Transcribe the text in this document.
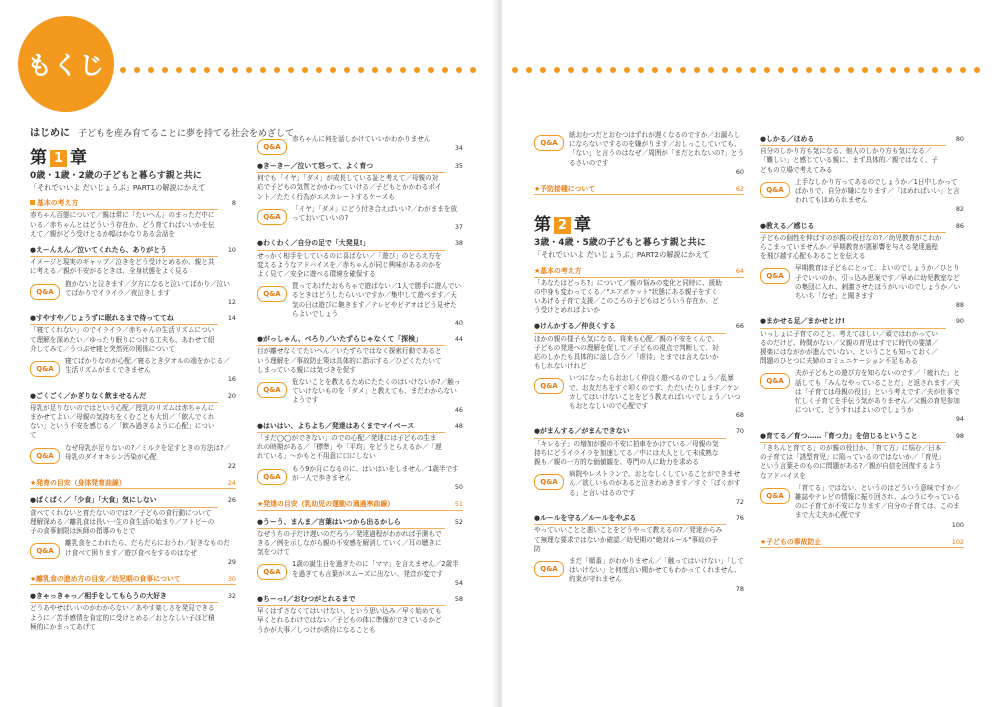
もくじ
はじめに 子どもを産み育てることに夢を持てる社会をめざして
第 1 章
0歳・1歳・2歳の子どもと暮らす親と共に
「それでいいよ だいじょうぶ」PART1の解説にかえて
基本の考え方	8
赤ちゃん百態について／親は常に「たいへん」のまっただ中にいる／赤ちゃんとはどういう存在か、どう育てればいいかを伝えて／親がどう受けとるか幅はかなりある会話を
●えーんえん／泣いてくれたら、ありがとう	10
イメージと現実のギャップ／泣きをどう受けとめるか、親と共に考える／親が不安がるときは、全身状態をよく見る
Q&A
抱かないと泣きます／夕方になると泣いてばかり／泣いてばかりでイライラ／夜泣きします
12
●すやすや／じょうずに眠れるまで待っててね	14
「寝てくれない」のでイライラ／赤ちゃんの生活リズムについて理解を深めたい／ゆったり眠りにつける工夫も、あわせて紹介してみて／うつぶせ寝と突然死の関係について
Q&A
寝てばかりなのが心配／寝るとき夕オルの端をかじる／生活リズムがまくできません
16
●ごくごく／かぎりなく飲ませるんだ	20
母乳が足りないのではという心配／授乳のリズムは赤ちゃんにまかせてよい／母親の気持ちをくむことも大切／「飲んでくれない」という不安を感じる／「飲み過ぎるように心配」について
Q&A
なぜ母乳が足りないの?／ミルクを足すときの方法は?／母乳のダイオキシン汚染が心配
22
★発育の目安（身体発育曲線）	24
●ぱくぱく／「少食」「大食」気にしない	26
食べてくれないと育たないのでは?／子どもの食行動について理解深める／離乳食は長い一生の食生活の始まり／アトピーの子の食事制限は医師の指導のもとで
Q&A
離乳食をこわれたら、だらだらにおうわ／好きなものだけ食べて困ります／遊び食べをするのはなぜ
29
★離乳食の進め方の目安／幼児期の食事について	30
●きゃっきゃっ／相手をしてもらうの大好き	32
どうあやせばいいのかわからない／あやす楽しさを発見できるように／苦手感情を肯定的に受けとめる／おとなしい子ほど積極的にかまってあげて
Q&A
赤ちゃんに何を話しかけていいかわかりません
34
●きーきー／泣いて怒って、よく育つ	35
何でも「イヤ」「ダメ」が成長している証と考えて／母親の対応で子どもの気質とかかわっていける／子どもとかかわるポイント／たたく行為がエスカレートするケースも
Q&A
「イヤ」「ダメ」にどう付き合えばいい?／わがままを放っておいていいの?
37
●わくわく／自分の足で「大発見!」	38
せっかく相手をしているのに喜ばない／「遊び」のとらえ方を変えるようなアドバイスを／赤ちゃんが同じ興味があるのかをよく見て／安全に遊べる環境を確保する
Q&A
買ってあげたおもちゃで遊ばない／1人で勝手に遊んでいるときはどうしたらいいですか／集中して遊べます／天気の日は遊びに飽きます／テレビやビデオはどう見せたらよいでしょう
40
●がっしゃん、べろり／いたずらじゃなくて「探検」	44
目が離せなくてたいへん／いたずらではなく探索行動であるという理解を／事故防止策は具体的に指示する／ひどくたたいてしまっている親には気づきを促す
Q&A
危ないことを教えるためにたたくのはいけないか?／触っていけないものを「ダメ」と教えても、まだわからないようです
46
●はいはい、よちよち／発達はあくまでマイペース	48
「まだ◯◯ができない」のでの心配／発達には子どもの生まれの時期がある／「標準」や「平均」をどうとらえるか／「遅れている」～かもと不用意に口にしない
Q&A
もう9か月になるのに、はいはいをしません／1歳半ですが一人で歩きません
50
★発達の目安（乳幼児の運動の通過率曲線）	51
●うーう、まんま／言葉はいつから出るかしら	52
なぜうちの子だけ遅いのだろう／発達過程がわかれば予測もできる／例を示しながら親の不安感を解消していく／耳の聴きに気をつけて
Q&A
1歳の誕生日を過ぎたのに「ママ」を言えません／2歳半を過ぎても言葉がスムーズに出ない、発音が変です
54
●ちーっ!／おむつがとれるまで	58
早くはずさなくてはいけない、という思い込み／早く始めても早くとれるわけではない／子どもの体に準備ができているかどうかが大事／しつけが虐待になることも
Q&A
紙おむつだとおむつはずれが遅くなるのですか／お漏らしにならないでするのを嫌がります／おしっこしていても、「ない」と言うのはなぜ／周囲が「まだとれないの?」とうるさいのです
60
★予防接種について	62
第 2 章
3歳・4歳・5歳の子どもと暮らす親と共に
「それでいいよ だいじょうぶ」PART2の解説にかえて
★基本の考え方	64
「あなたはどっち?」について／親の悩みの変化と同時に、援助の中身も変わってくる／"エアポケット"状態にある親子をすくいあげる子育て支援／このころの子どもはどういう存在か、どう受けとめればよいか
●けんかする／仲良くする	66
ほかの親の様子も気になる、将来も心配／親の不安をくんで、子どもの発達への理解を促して／子どもの視点で判断して、対応のしかたも具体的に話し合う／「虐待」とまでは言えないかもしれないけれど
Q&A
いつになったらおおしく仲良く遊べるのでしょう／乱暴で、お友だちをすぐ叩くのです、ただいたりします／ケンカしてはいけないことをどう教えればいいでしょう／いつもおとなしいので心配です
68
●がまんする／がまんできない	70
「キレる子」の増加が親の不安に拍車をかけている／母親の気持ちにどうイライラを加速してる／中には大人として未成熟な親も／親の一方的な価値観を、専門の人に助力を求める
Q&A
病院やレストランで、おとなしくしていることができません／欲しいものがあると泣きわめきます／すぐ「ぼくがする」と言いはるのです
72
●ルールを守る／ルールをやぶる	76
やっていいことと悪いことをどうやって教えるの?／発達からみて無理な要求ではないか確認／幼児期の"絶対ルール"事故の予防
Q&A
まだ「順番」がわかりません／「触ってはいけない」「してはいけない」と何度言い聞かせてもわかってくれません、約束が守れません
78
●しかる／ほめる	80
自分のしかり方も気になる、他人のしかり方も気になる／「難しい」と感じている親に、まず具体的／親ではなく、子どもの立場で考えてみる
Q&A
上手なしかり方ってあるのでしょうか／1日中しかってばかりで、自分が嫌になります／「ほめればいい」と言われてもほめられません
82
●教える／感じる	86
子どもの個性を伸ばすのが親の役目なの?／幼児教育がこれからこまっていませんか／早期教育が悪影響を与える発達過程を飛び越す心配もあることを伝える
Q&A
早期教育は子どもにとって、よいのでしょうか／ひとり子でいいのか、引っ込み思案です／早めに幼児教室などの集団に入れ、刺激させたほうがいいのでしょうか／いちいち「なぜ」と聞きます
88
●まかせる足／まかせとけ!	90
いっしょに子育てのこと、考えてほしい／頑ではわかっているのだけど、時間がない／父親の育児はすでに時代の要請／援楽にはながかが進んでいない、ということも知っておく／問題のひとつに夫婦のコミュニケーション不足もある
Q&A
夫が子どもとの遊び方を知らないのです／「疲れた」と話しても「みんなやっていることだ」と返されます／夫は「子育ては母親の役目」という考えです／夫が仕事で忙しく子育てを手伝う気がありません／父親の育児参加について、どうすればよいのでしょうか
94
●育てる／育つ……「育つ力」を信じるということ	98
「きちんと育てる」のが親の役目か、「育て方」に悩む／日本の子育ては「誘型育児」に陥っているのではないか／「育児」という言葉そのものに問題がある?／親が自信を回復するようなアドバイスを
Q&A
「育てる」ではない、というのはどういう意味ですか／雑誌やテレビの情報に振り回され、ふつうにやっているのに子育てが不安になります／自分の子育ては、このままで大丈夫か心配です
100
★子どもの事故防止	102
